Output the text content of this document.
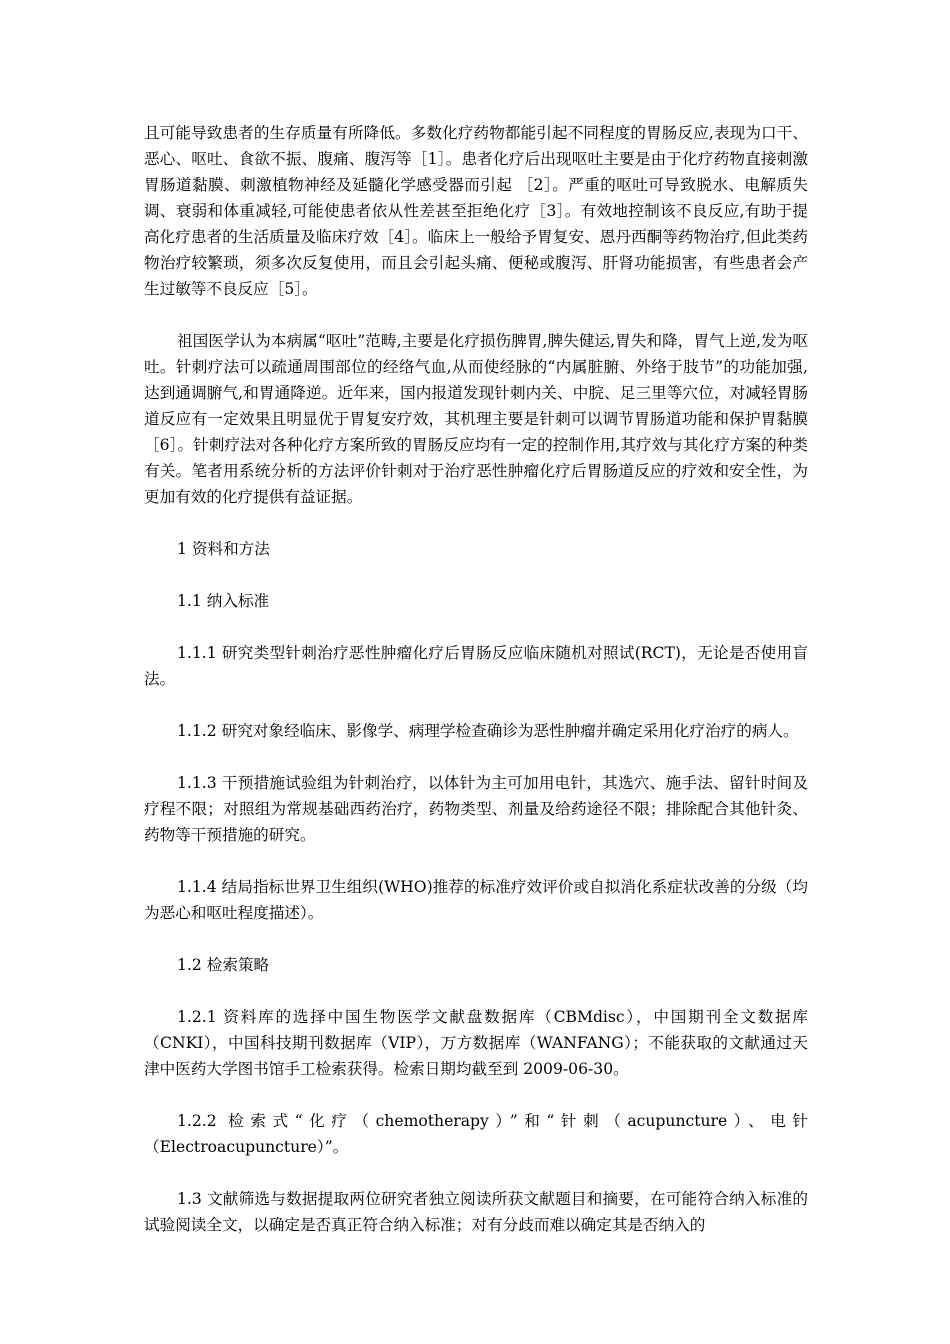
且可能导致患者的生存质量有所降低。多数化疗药物都能引起不同程度的胃肠反应,表现为口干、恶心、呕吐、食欲不振、腹痛、腹泻等［1］。患者化疗后出现呕吐主要是由于化疗药物直接刺激胃肠道黏膜、刺激植物神经及延髓化学感受器而引起 ［2］。严重的呕吐可导致脱水、电解质失调、衰弱和体重减轻,可能使患者依从性差甚至拒绝化疗［3］。有效地控制该不良反应,有助于提高化疗患者的生活质量及临床疗效［4］。临床上一般给予胃复安、恩丹西酮等药物治疗,但此类药物治疗较繁琐，须多次反复使用，而且会引起头痛、便秘或腹泻、肝肾功能损害，有些患者会产生过敏等不良反应［5］。

祖国医学认为本病属“呕吐”范畴,主要是化疗损伤脾胃,脾失健运,胃失和降，胃气上逆,发为呕吐。针刺疗法可以疏通周围部位的经络气血,从而使经脉的“内属脏腑、外络于肢节”的功能加强,达到通调腑气,和胃通降逆。近年来，国内报道发现针刺内关、中脘、足三里等穴位，对减轻胃肠道反应有一定效果且明显优于胃复安疗效，其机理主要是针刺可以调节胃肠道功能和保护胃黏膜［6］。针刺疗法对各种化疗方案所致的胃肠反应均有一定的控制作用,其疗效与其化疗方案的种类有关。笔者用系统分析的方法评价针刺对于治疗恶性肿瘤化疗后胃肠道反应的疗效和安全性，为更加有效的化疗提供有益证据。

1 资料和方法

1.1 纳入标准

1.1.1 研究类型针刺治疗恶性肿瘤化疗后胃肠反应临床随机对照试(RCT)，无论是否使用盲法。

1.1.2 研究对象经临床、影像学、病理学检查确诊为恶性肿瘤并确定采用化疗治疗的病人。

1.1.3 干预措施试验组为针刺治疗，以体针为主可加用电针，其选穴、施手法、留针时间及疗程不限；对照组为常规基础西药治疗，药物类型、剂量及给药途径不限；排除配合其他针灸、药物等干预措施的研究。

1.1.4 结局指标世界卫生组织(WHO)推荐的标准疗效评价或自拟消化系症状改善的分级（均为恶心和呕吐程度描述）。

1.2 检索策略

1.2.1 资料库的选择中国生物医学文献盘数据库（CBMdisc），中国期刊全文数据库（CNKI），中国科技期刊数据库（VIP），万方数据库（WANFANG）；不能获取的文献通过天津中医药大学图书馆手工检索获得。检索日期均截至到 2009-06-30。

1.2.2 检索式“化疗（chemotherapy）”和“针刺（acupuncture）、电针（Electroacupuncture）”。

1.3 文献筛选与数据提取两位研究者独立阅读所获文献题目和摘要，在可能符合纳入标准的试验阅读全文，以确定是否真正符合纳入标准；对有分歧而难以确定其是否纳入的
